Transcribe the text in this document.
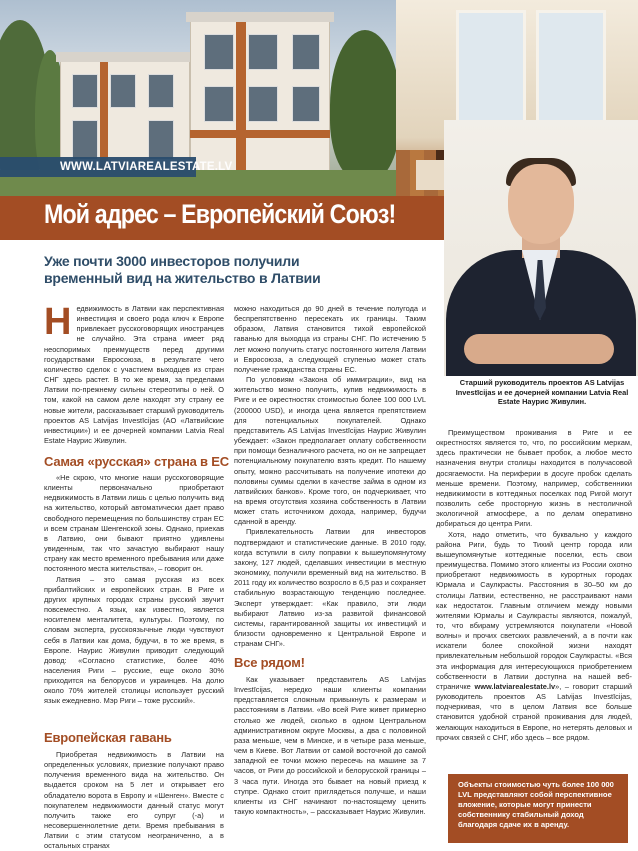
WWW.LATVIAREALESTATE.LV
Мой адрес – Европейский Союз!
Старший руководитель проектов AS Latvijas Investīcijas и ее дочерней компании Latvia Real Estate Наурис Живулин.
Уже почти 3000 инвесторов получили временный вид на жительство в Латвии

Недвижимость в Латвии как перспективная инвестиция и своего рода ключ к Европе привлекает русскоговорящих иностранцев не случайно. Эта страна имеет ряд неоспоримых преимуществ перед другими государствами Евросоюза, в результате чего количество сделок с участием выходцев из стран СНГ здесь растет. В то же время, за пределами Латвии по-прежнему сильны стереотипы о ней. О том, какой на самом деле находят эту страну ее новые жители, рассказывает старший руководитель проектов AS Latvijas Investīcijas (AO «Латвийские инвестиции») и ее дочерней компании Latvia Real Estate Наурис Живулин.

Самая «русская» страна в ЕС

«Не скрою, что многие наши русскоговорящие клиенты первоначально приобретают недвижимость в Латвии лишь с целью получить вид на жительство, который автоматически дает право свободного перемещения по большинству стран ЕС и всем странам Шенгенской зоны. Однако, приехав в Латвию, они бывают приятно удивлены увиденным, так что зачастую выбирают нашу страну как место временного пребывания или даже постоянного места жительства», – говорит он.

Латвия – это самая русская из всех прибалтийских и европейских стран. В Риге и других крупных городах страны русский звучит повсеместно. А язык, как известно, является носителем менталитета, культуры. Поэтому, по словам эксперта, русскоязычные люди чувствуют себя в Латвии как дома, будучи, в то же время, в Европе. Наурис Живулин приводит следующий довод: «Согласно статистике, более 40% населения Риги – русские, еще около 30% приходится на белорусов и украинцев. На долю около 70% жителей столицы использует русский язык ежедневно. Мэр Риги – тоже русский».

Европейская гавань

Приобретая недвижимость в Латвии на определенных условиях, приезжие получают право получения временного вида на жительство. Он выдается сроком на 5 лет и открывает его обладателю ворота в Европу и «Шенген». Вместе с покупателем недвижимости данный статус могут получить также его супруг (-а) и несовершеннолетние дети. Время пребывания в Латвии с этим статусом неограниченно, а в остальных странах

можно находиться до 90 дней в течение полугода и беспрепятственно пересекать их границы. Таким образом, Латвия становится тихой европейской гаванью для выходца из страны СНГ. По истечению 5 лет можно получить статус постоянного жителя Латвии и Евросоюза, а следующей ступенью может стать получение гражданства страны ЕС.

По условиям «Закона об иммиграции», вид на жительство можно получить, купив недвижимость в Риге и ее окрестностях стоимостью более 100 000 LVL (200000 USD), и иногда цена является препятствием для потенциальных покупателей. Однако представитель AS Latvijas Investīcijas Наурис Живулин убеждает: «Закон предполагает оплату собственности при помощи безналичного расчета, но он не запрещает потенциальному покупателю взять кредит. По нашему опыту, можно рассчитывать на получение ипотеки до половины суммы сделки в качестве займа в одном из латвийских банков». Кроме того, он подчеркивает, что на время отсутствия хозяина собственность в Латвии может стать источником дохода, например, будучи сданной в аренду.

Привлекательность Латвии для инвесторов подтверждают и статистические данные. В 2010 году, когда вступили в силу поправки к вышеупомянутому закону, 127 людей, сделавших инвестиции в местную экономику, получили временный вид на жительство. В 2011 году их количество возросло в 6,5 раз и сохраняет стабильную возрастающую тенденцию последнее. Эксперт утверждает: «Как правило, эти люди выбирают Латвию из-за развитой финансовой системы, гарантированной защиты их инвестиций и близости одновременно к Центральной Европе и странам СНГ».

Все рядом!

Как указывает представитель AS Latvijas Investīcijas, нередко наши клиенты компании представляется сложным привыкнуть к размерам и расстояниям в Латвии. «Во всей Риге живет примерно столько же людей, сколько в одном Центральном административном округе Москвы, а два с половиной раза меньше, чем в Минске, и в четыре раза меньше, чем в Киеве. Вот Латвии от самой восточной до самой западной ее точки можно пересечь на машине за 7 часов, от Риги до российской и белорусской границы – 3 часа пути. Иногда это бывает на новый приезд к ступре. Однако стоит приглядеться получше, и наши клиенты из СНГ начинают по-настоящему ценить такую компактность», – рассказывает Наурис Живулин.

Преимуществом проживания в Риге и ее окрестностях является то, что, по российским меркам, здесь практически не бывает пробок, а любое место назначения внутри столицы находится в получасовой досягаемости. На периферии в досуге пробок сделать меньше времени. Поэтому, например, собственники недвижимости в коттеджных поселках под Ригой могут позволить себе просторную жизнь в нестоличной экологичной атмосфере, а по делам оперативно добираться до центра Риги.

Хотя, надо отметить, что буквально у каждого района Риги, будь то Тихий центр города или вышеупомянутые коттеджные поселки, есть свои преимущества. Помимо этого клиенты из России охотно приобретают недвижимость в курортных городах Юрмала и Саулкрасты. Расстояния в 30–50 км до столицы Латвии, естественно, не расстраивают нами как недостаток. Главным отличием между новыми жителями Юрмалы и Саулкрасты являются, пожалуй, то, что вбираму устремляются покупатели «Новой волны» и прочих светских развлечений, а в почти как искатели более спокойной жизни находят привлекательным небольшой городок Саулкрасты. «Вся эта информация для интересующихся приобретением собственности в Латвии доступна на нашей веб-страничке www.latviarealestate.lv», – говорит старший руководитель проектов AS Latvijas Investīcijas, подчеркивая, что в целом Латвия все больше становится удобной страной проживания для людей, желающих находиться в Европе, но нетерять деловых и прочих связей с СНГ, ибо здесь – все рядом.

Объекты стоимостью чуть более 100 000 LVL представляют собой перспективное вложение, которые могут принести собственнику стабильный доход благодаря сдаче их в аренду.
